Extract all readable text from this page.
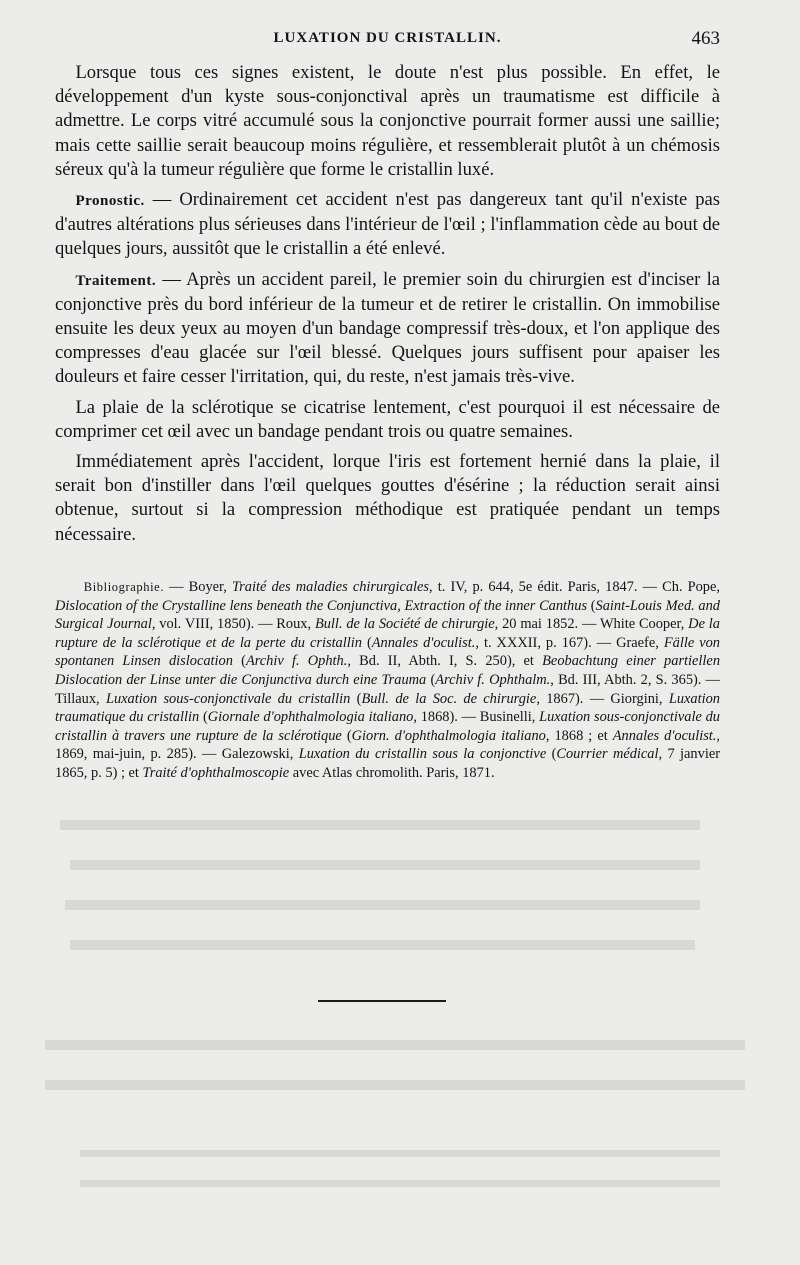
LUXATION DU CRISTALLIN.	463

Lorsque tous ces signes existent, le doute n'est plus possible. En effet, le développement d'un kyste sous-conjonctival après un traumatisme est difficile à admettre. Le corps vitré accumulé sous la conjonctive pourrait former aussi une saillie; mais cette saillie serait beaucoup moins régulière, et ressemblerait plutôt à un chémosis séreux qu'à la tumeur régulière que forme le cristallin luxé.

Pronostic. — Ordinairement cet accident n'est pas dangereux tant qu'il n'existe pas d'autres altérations plus sérieuses dans l'intérieur de l'œil ; l'inflammation cède au bout de quelques jours, aussitôt que le cristallin a été enlevé.

Traitement. — Après un accident pareil, le premier soin du chirurgien est d'inciser la conjonctive près du bord inférieur de la tumeur et de retirer le cristallin. On immobilise ensuite les deux yeux au moyen d'un bandage compressif très-doux, et l'on applique des compresses d'eau glacée sur l'œil blessé. Quelques jours suffisent pour apaiser les douleurs et faire cesser l'irritation, qui, du reste, n'est jamais très-vive.

La plaie de la sclérotique se cicatrise lentement, c'est pourquoi il est nécessaire de comprimer cet œil avec un bandage pendant trois ou quatre semaines.

Immédiatement après l'accident, lorque l'iris est fortement hernié dans la plaie, il serait bon d'instiller dans l'œil quelques gouttes d'ésérine ; la réduction serait ainsi obtenue, surtout si la compression méthodique est pratiquée pendant un temps nécessaire.

Bibliographie. — Boyer, Traité des maladies chirurgicales, t. IV, p. 644, 5e édit. Paris, 1847. — Ch. Pope, Dislocation of the Crystalline lens beneath the Conjunctiva, Extraction of the inner Canthus (Saint-Louis Med. and Surgical Journal, vol. VIII, 1850). — Roux, Bull. de la Société de chirurgie, 20 mai 1852. — White Cooper, De la rupture de la sclérotique et de la perte du cristallin (Annales d'oculist., t. XXXII, p. 167). — Graefe, Fälle von spontanen Linsen dislocation (Archiv f. Ophth., Bd. II, Abth. I, S. 250), et Beobachtung einer partiellen Dislocation der Linse unter die Conjunctiva durch eine Trauma (Archiv f. Ophthalm., Bd. III, Abth. 2, S. 365). — Tillaux, Luxation sous-conjonctivale du cristallin (Bull. de la Soc. de chirurgie, 1867). — Giorgini, Luxation traumatique du cristallin (Giornale d'ophthalmologia italiano, 1868). — Businelli, Luxation sous-conjonctivale du cristallin à travers une rupture de la sclérotique (Giorn. d'ophthalmologia italiano, 1868 ; et Annales d'oculist., 1869, mai-juin, p. 285). — Galezowski, Luxation du cristallin sous la conjonctive (Courrier médical, 7 janvier 1865, p. 5) ; et Traité d'ophthalmoscopie avec Atlas chromolith. Paris, 1871.
